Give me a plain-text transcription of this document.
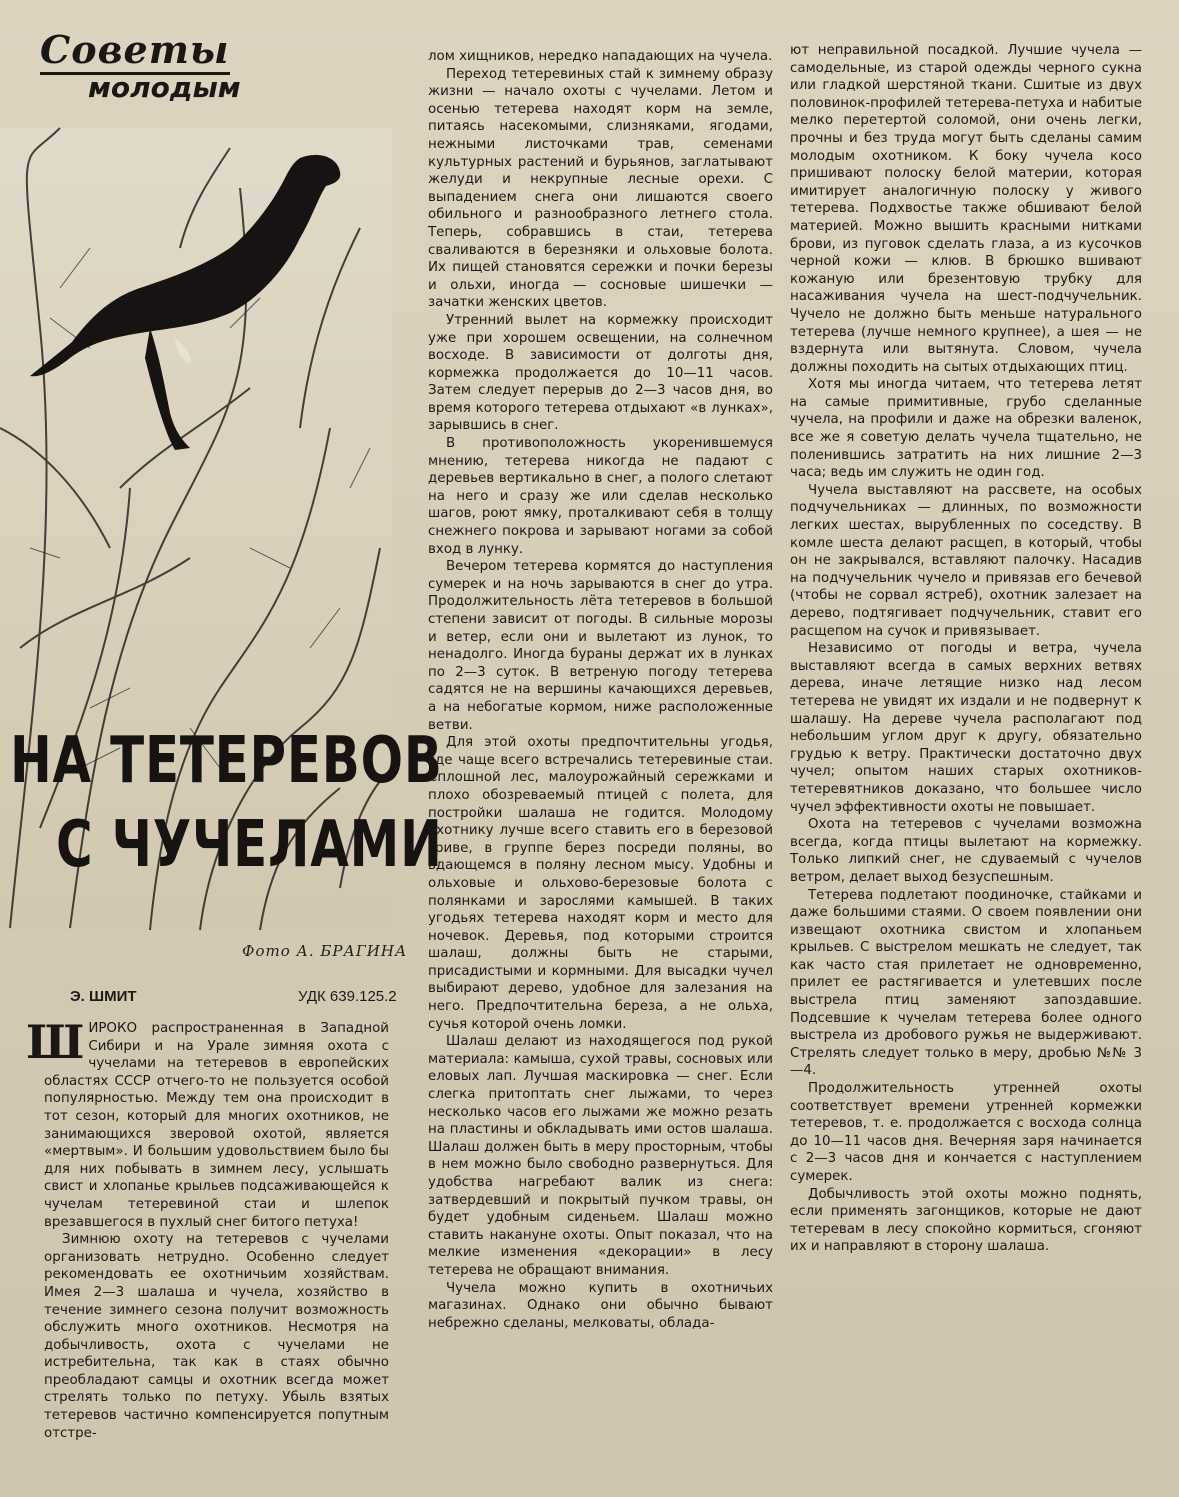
Советы
молодым
НА ТЕТЕРЕВОВ
С ЧУЧЕЛАМИ
Фото А. БРАГИНА
Э. ШМИТ	УДК 639.125.2

ШИРОКО распространенная в Западной Сибири и на Урале зимняя охота с чучелами на тетеревов в европейских областях СССР отчего-то не пользуется особой популярностью. Между тем она происходит в тот сезон, который для многих охотников, не занимающихся зверовой охотой, является «мертвым». И большим удовольствием было бы для них побывать в зимнем лесу, услышать свист и хлопанье крыльев подсаживающейся к чучелам тетеревиной стаи и шлепок врезавшегося в пухлый снег битого петуха!

Зимнюю охоту на тетеревов с чучелами организовать нетрудно. Особенно следует рекомендовать ее охотничьим хозяйствам. Имея 2—3 шалаша и чучела, хозяйство в течение зимнего сезона получит возможность обслужить много охотников. Несмотря на добычливость, охота с чучелами не истребительна, так как в стаях обычно преобладают самцы и охотник всегда может стрелять только по петуху. Убыль взятых тетеревов частично компенсируется попутным отстре-

лом хищников, нередко нападающих на чучела.

Переход тетеревиных стай к зимнему образу жизни — начало охоты с чучелами. Летом и осенью тетерева находят корм на земле, питаясь насекомыми, слизняками, ягодами, нежными листочками трав, семенами культурных растений и бурьянов, заглатывают желуди и некрупные лесные орехи. С выпадением снега они лишаются своего обильного и разнообразного летнего стола. Теперь, собравшись в стаи, тетерева сваливаются в березняки и ольховые болота. Их пищей становятся сережки и почки березы и ольхи, иногда — сосновые шишечки — зачатки женских цветов.

Утренний вылет на кормежку происходит уже при хорошем освещении, на солнечном восходе. В зависимости от долготы дня, кормежка продолжается до 10—11 часов. Затем следует перерыв до 2—3 часов дня, во время которого тетерева отдыхают «в лунках», зарывшись в снег.

В противоположность укоренившемуся мнению, тетерева никогда не падают с деревьев вертикально в снег, а полого слетают на него и сразу же или сделав несколько шагов, роют ямку, проталкивают себя в толщу снежнего покрова и зарывают ногами за собой вход в лунку.

Вечером тетерева кормятся до наступления сумерек и на ночь зарываются в снег до утра. Продолжительность лёта тетеревов в большой степени зависит от погоды. В сильные морозы и ветер, если они и вылетают из лунок, то ненадолго. Иногда бураны держат их в лунках по 2—3 суток. В ветреную погоду тетерева садятся не на вершины качающихся деревьев, а на небогатые кормом, ниже расположенные ветви.

Для этой охоты предпочтительны угодья, где чаще всего встречались тетеревиные стаи. Сплошной лес, малоурожайный сережками и плохо обозреваемый птицей с полета, для постройки шалаша не годится. Молодому охотнику лучше всего ставить его в березовой гриве, в группе берез посреди поляны, во вдающемся в поляну лесном мысу. Удобны и ольховые и ольхово-березовые болота с полянками и зарослями камышей. В таких угодьях тетерева находят корм и место для ночевок. Деревья, под которыми строится шалаш, должны быть не старыми, присадистыми и кормными. Для высадки чучел выбирают дерево, удобное для залезания на него. Предпочтительна береза, а не ольха, сучья которой очень ломки.

Шалаш делают из находящегося под рукой материала: камыша, сухой травы, сосновых или еловых лап. Лучшая маскировка — снег. Если слегка притоптать снег лыжами, то через несколько часов его лыжами же можно резать на пластины и обкладывать ими остов шалаша. Шалаш должен быть в меру просторным, чтобы в нем можно было свободно развернуться. Для удобства нагребают валик из снега: затвердевший и покрытый пучком травы, он будет удобным сиденьем. Шалаш можно ставить накануне охоты. Опыт показал, что на мелкие изменения «декорации» в лесу тетерева не обращают внимания.

Чучела можно купить в охотничьих магазинах. Однако они обычно бывают небрежно сделаны, мелковаты, облада-

ют неправильной посадкой. Лучшие чучела — самодельные, из старой одежды черного сукна или гладкой шерстяной ткани. Сшитые из двух половинок-профилей тетерева-петуха и набитые мелко перетертой соломой, они очень легки, прочны и без труда могут быть сделаны самим молодым охотником. К боку чучела косо пришивают полоску белой материи, которая имитирует аналогичную полоску у живого тетерева. Подхвостье также обшивают белой материей. Можно вышить красными нитками брови, из пуговок сделать глаза, а из кусочков черной кожи — клюв. В брюшко вшивают кожаную или брезентовую трубку для насаживания чучела на шест-подчучельник. Чучело не должно быть меньше натурального тетерева (лучше немного крупнее), а шея — не вздернута или вытянута. Словом, чучела должны походить на сытых отдыхающих птиц.

Хотя мы иногда читаем, что тетерева летят на самые примитивные, грубо сделанные чучела, на профили и даже на обрезки валенок, все же я советую делать чучела тщательно, не поленившись затратить на них лишние 2—3 часа; ведь им служить не один год.

Чучела выставляют на рассвете, на особых подчучельниках — длинных, по возможности легких шестах, вырубленных по соседству. В комле шеста делают расщеп, в который, чтобы он не закрывался, вставляют палочку. Насадив на подчучельник чучело и привязав его бечевой (чтобы не сорвал ястреб), охотник залезает на дерево, подтягивает подчучельник, ставит его расщепом на сучок и привязывает.

Независимо от погоды и ветра, чучела выставляют всегда в самых верхних ветвях дерева, иначе летящие низко над лесом тетерева не увидят их издали и не подвернут к шалашу. На дереве чучела располагают под небольшим углом друг к другу, обязательно грудью к ветру. Практически достаточно двух чучел; опытом наших старых охотников-тетеревятников доказано, что большее число чучел эффективности охоты не повышает.

Охота на тетеревов с чучелами возможна всегда, когда птицы вылетают на кормежку. Только липкий снег, не сдуваемый с чучелов ветром, делает выход безуспешным.

Тетерева подлетают поодиночке, стайками и даже большими стаями. О своем появлении они извещают охотника свистом и хлопаньем крыльев. С выстрелом мешкать не следует, так как часто стая прилетает не одновременно, прилет ее растягивается и улетевших после выстрела птиц заменяют запоздавшие. Подсевшие к чучелам тетерева более одного выстрела из дробового ружья не выдерживают. Стрелять следует только в меру, дробью №№ 3—4.

Продолжительность утренней охоты соответствует времени утренней кормежки тетеревов, т. е. продолжается с восхода солнца до 10—11 часов дня. Вечерняя заря начинается с 2—3 часов дня и кончается с наступлением сумерек.

Добычливость этой охоты можно поднять, если применять загонщиков, которые не дают тетеревам в лесу спокойно кормиться, сгоняют их и направляют в сторону шалаша.
